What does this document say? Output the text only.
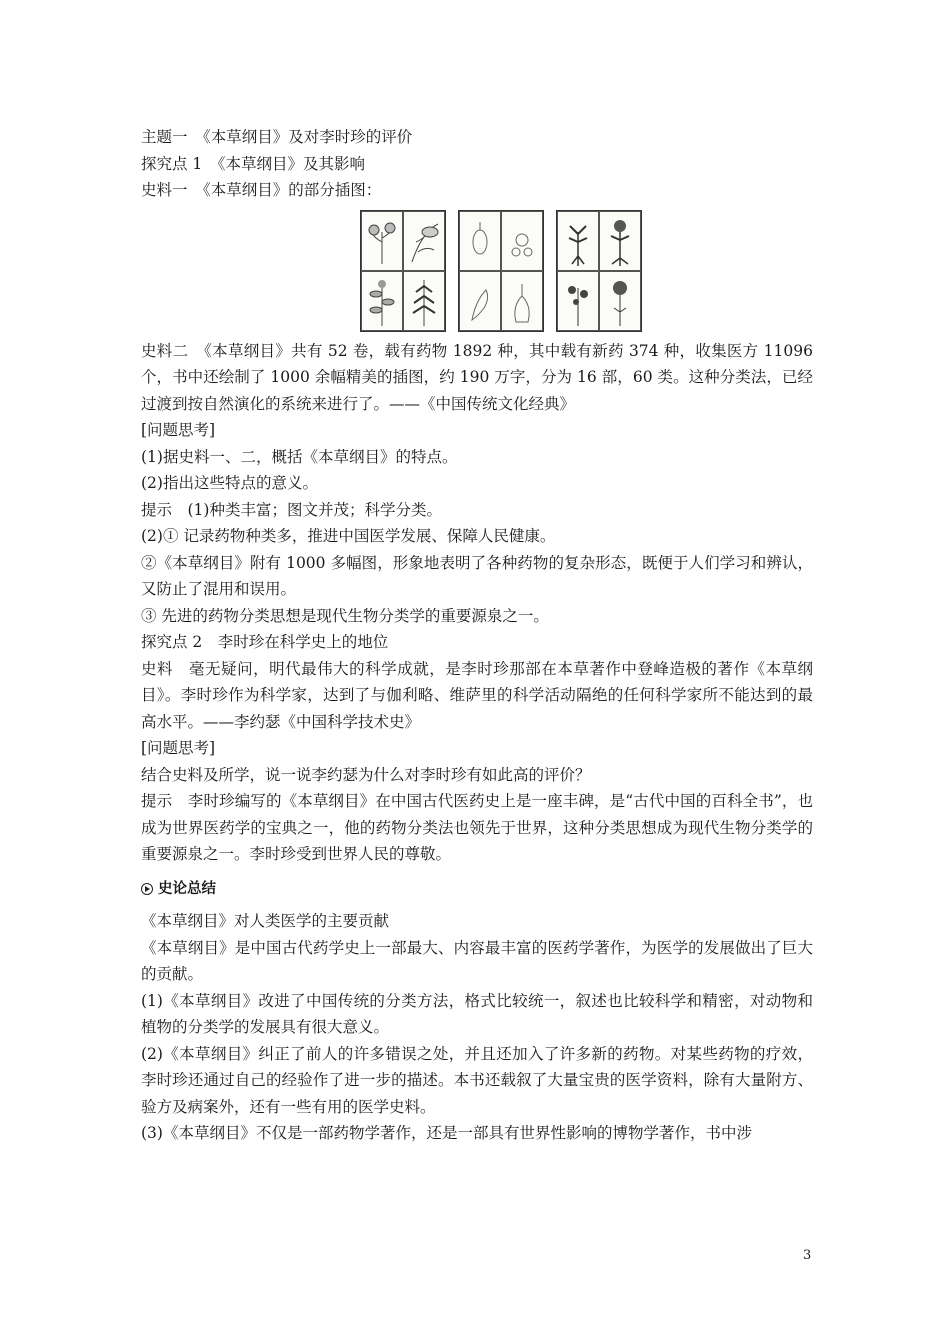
主题一　《本草纲目》及对李时珍的评价

探究点 1　《本草纲目》及其影响

史料一　《本草纲目》的部分插图：

史料二　《本草纲目》共有 52 卷，载有药物 1892 种，其中载有新药 374 种，收集医方 11096 个，书中还绘制了 1000 余幅精美的插图，约 190 万字，分为 16 部，60 类。这种分类法，已经过渡到按自然演化的系统来进行了。——《中国传统文化经典》

[问题思考]

(1)据史料一、二，概括《本草纲目》的特点。

(2)指出这些特点的意义。

提示　(1)种类丰富；图文并茂；科学分类。

(2)① 记录药物种类多，推进中国医学发展、保障人民健康。

②《本草纲目》附有 1000 多幅图，形象地表明了各种药物的复杂形态，既便于人们学习和辨认，又防止了混用和误用。

③ 先进的药物分类思想是现代生物分类学的重要源泉之一。

探究点 2　李时珍在科学史上的地位

史料　毫无疑问，明代最伟大的科学成就，是李时珍那部在本草著作中登峰造极的著作《本草纲目》。李时珍作为科学家，达到了与伽利略、维萨里的科学活动隔绝的任何科学家所不能达到的最高水平。——李约瑟《中国科学技术史》

[问题思考]

结合史料及所学，说一说李约瑟为什么对李时珍有如此高的评价？

提示　李时珍编写的《本草纲目》在中国古代医药史上是一座丰碑，是“古代中国的百科全书”，也成为世界医药学的宝典之一，他的药物分类法也领先于世界，这种分类思想成为现代生物分类学的重要源泉之一。李时珍受到世界人民的尊敬。

史论总结

《本草纲目》对人类医学的主要贡献

《本草纲目》是中国古代药学史上一部最大、内容最丰富的医药学著作，为医学的发展做出了巨大的贡献。

(1)《本草纲目》改进了中国传统的分类方法，格式比较统一，叙述也比较科学和精密，对动物和植物的分类学的发展具有很大意义。

(2)《本草纲目》纠正了前人的许多错误之处，并且还加入了许多新的药物。对某些药物的疗效，李时珍还通过自己的经验作了进一步的描述。本书还载叙了大量宝贵的医学资料，除有大量附方、验方及病案外，还有一些有用的医学史料。

(3)《本草纲目》不仅是一部药物学著作，还是一部具有世界性影响的博物学著作，书中涉

3
